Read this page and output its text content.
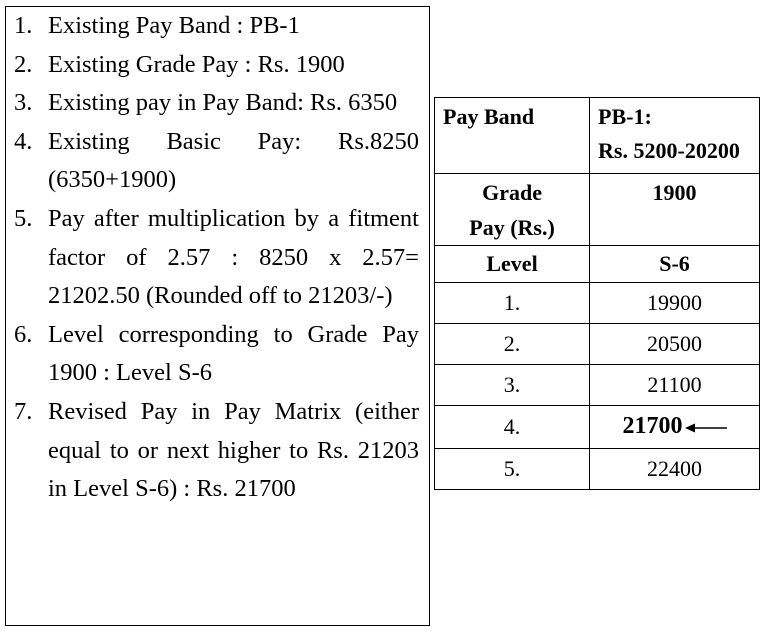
1. Existing Pay Band : PB-1
2. Existing Grade Pay : Rs. 1900
3. Existing pay in Pay Band: Rs. 6350
4. Existing Basic Pay: Rs.8250 (6350+1900)
5. Pay after multiplication by a fitment factor of 2.57 : 8250 x 2.57= 21202.50 (Rounded off to 21203/-)
6. Level corresponding to Grade Pay 1900 : Level S-6
7. Revised Pay in Pay Matrix (either equal to or next higher to Rs. 21203 in Level S-6) : Rs. 21700
Pay Band	PB-1:
Rs. 5200-20200

Grade
Pay (Rs.)	1900
Level	S-6
1.	19900
2.	20500
3.	21100
4.	21700
5.	22400
